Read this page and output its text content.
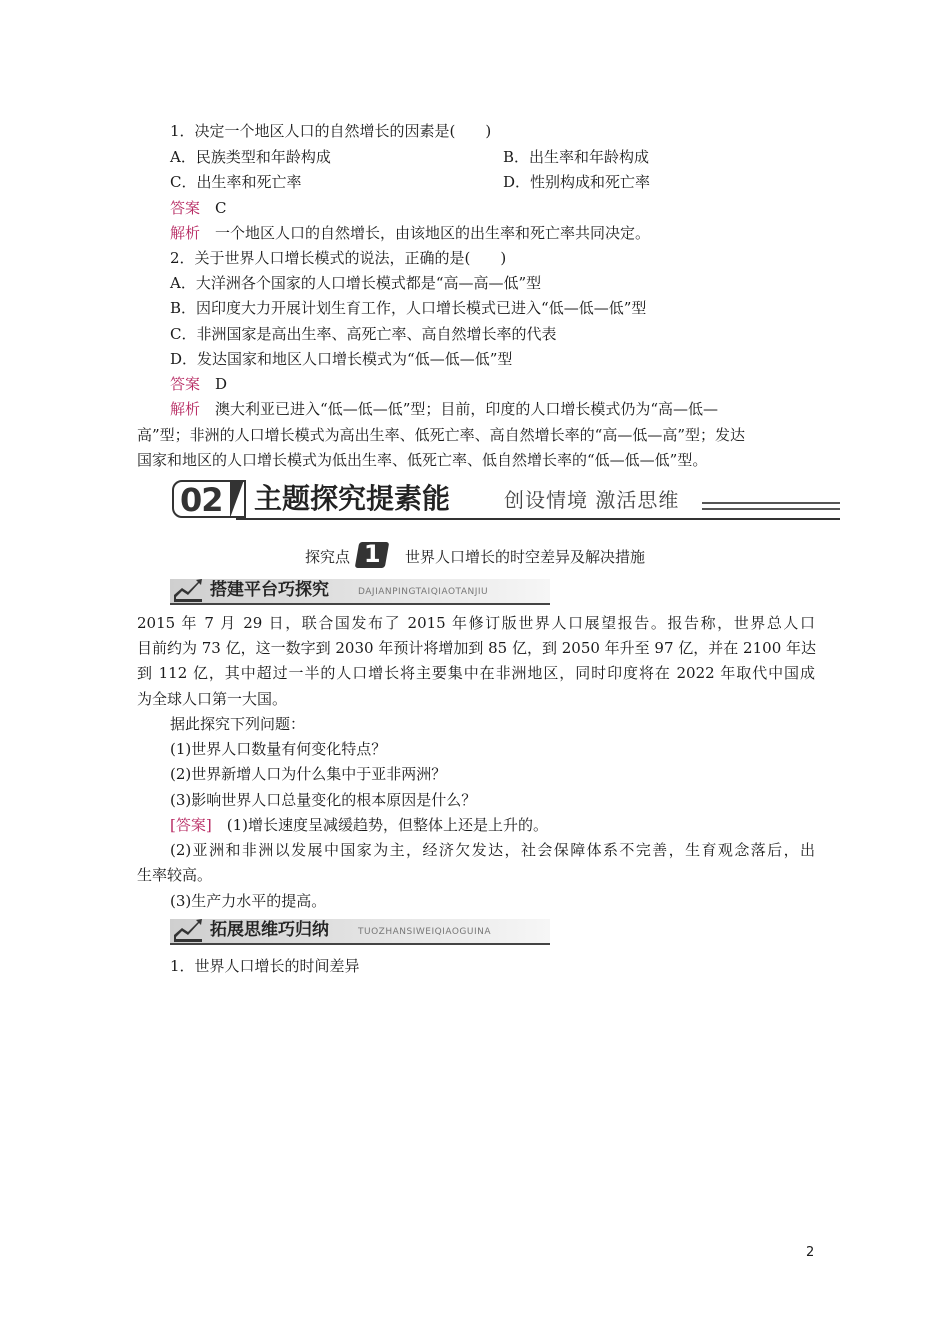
1．决定一个地区人口的自然增长的因素是(　　)
A．民族类型和年龄构成	B．出生率和年龄构成
C．出生率和死亡率	D．性别构成和死亡率
答案　 C
解析　 一个地区人口的自然增长，由该地区的出生率和死亡率共同决定。
2．关于世界人口增长模式的说法，正确的是(　　)
A．大洋洲各个国家的人口增长模式都是“高—高—低”型
B．因印度大力开展计划生育工作，人口增长模式已进入“低—低—低”型
C．非洲国家是高出生率、高死亡率、高自然增长率的代表
D．发达国家和地区人口增长模式为“低—低—低”型
答案　 D
解析　 澳大利亚已进入“低—低—低”型；目前，印度的人口增长模式仍为“高—低—
高”型；非洲的人口增长模式为高出生率、低死亡率、高自然增长率的“高—低—高”型；发达
国家和地区的人口增长模式为低出生率、低死亡率、低自然增长率的“低—低—低”型。
02 主题探究提素能	创设情境 激活思维
探究点 1	世界人口增长的时空差异及解决措施
搭建平台巧探究	DAJIANPINGTAIQIAOTANJIU
2015 年 7 月 29 日，联合国发布了 2015 年修订版世界人口展望报告。报告称，世界总人口
目前约为 73 亿，这一数字到 2030 年预计将增加到 85 亿，到 2050 年升至 97 亿，并在 2100 年达
到 112 亿，其中超过一半的人口增长将主要集中在非洲地区，同时印度将在 2022 年取代中国成
为全球人口第一大国。
据此探究下列问题：
(1)世界人口数量有何变化特点？
(2)世界新增人口为什么集中于亚非两洲？
(3)影响世界人口总量变化的根本原因是什么？
[答案]　 (1)增长速度呈减缓趋势，但整体上还是上升的。
(2)亚洲和非洲以发展中国家为主，经济欠发达，社会保障体系不完善，生育观念落后，出
生率较高。
(3)生产力水平的提高。
拓展思维巧归纳	TUOZHANSIWEIQIAOGUINA
1．世界人口增长的时间差异
2
